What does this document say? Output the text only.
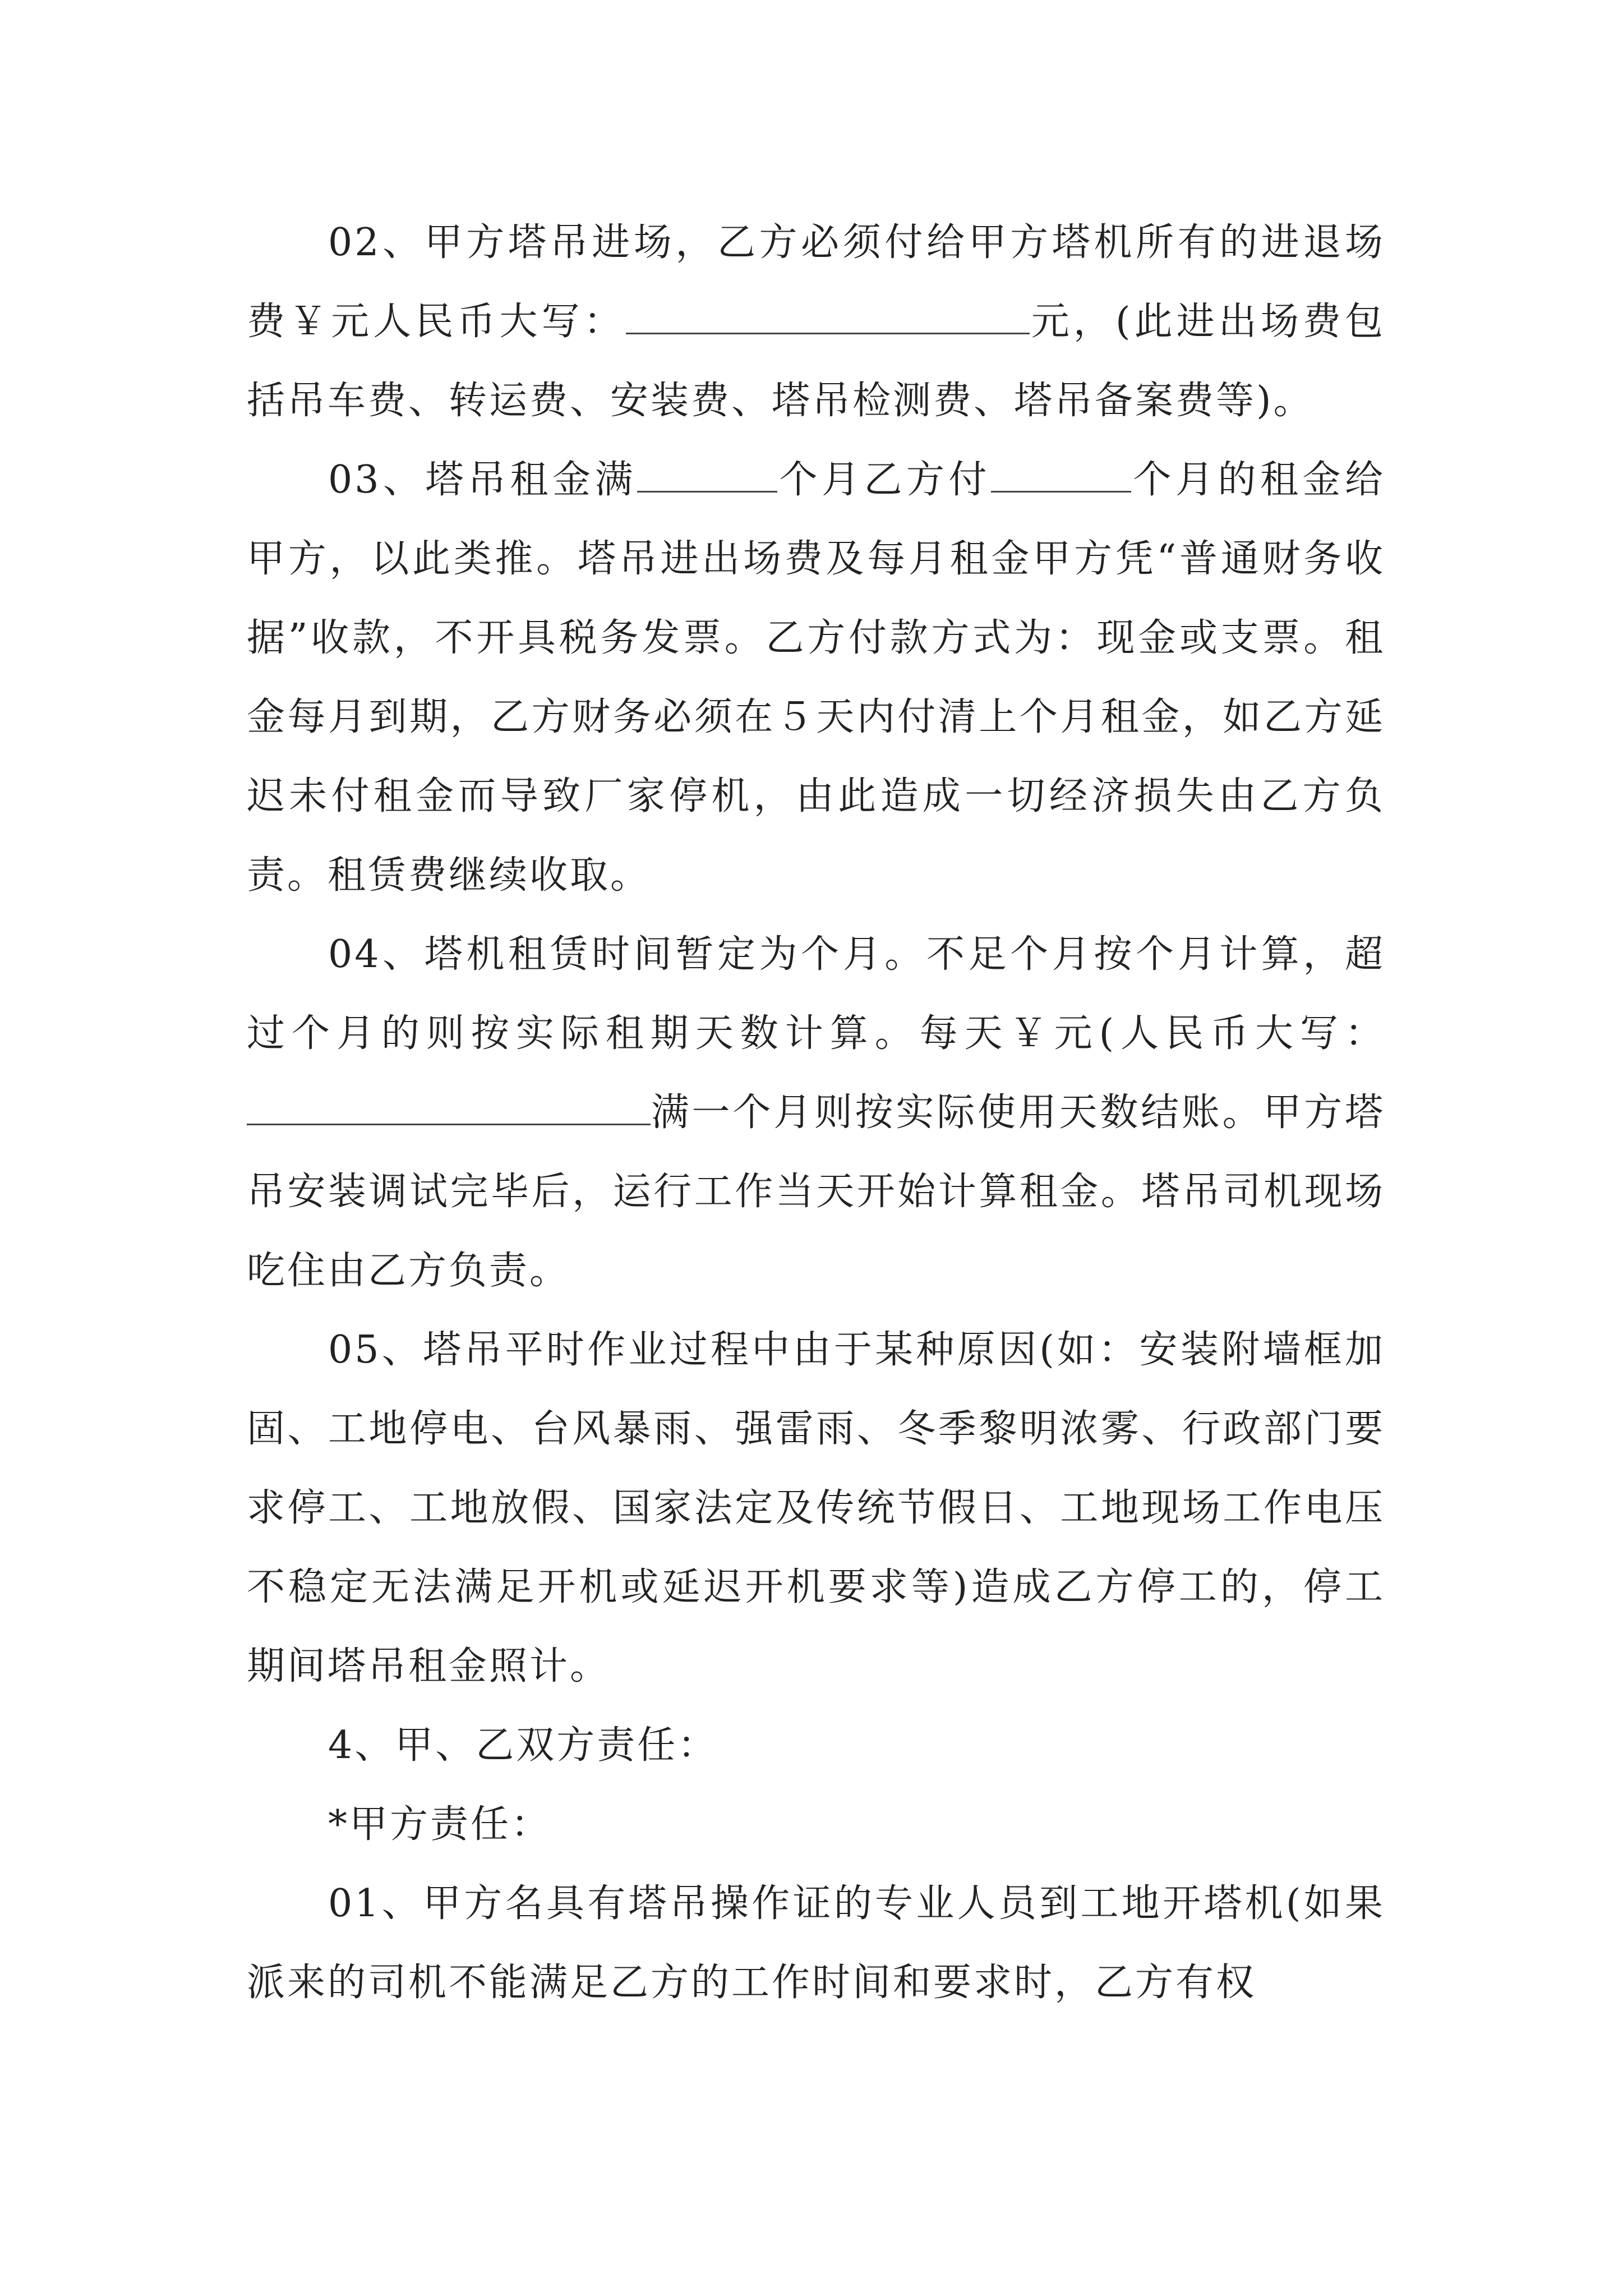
02、甲方塔吊进场，乙方必须付给甲方塔机所有的进退场费￥元人民币大写：	元，(此进出场费包括吊车费、转运费、安装费、塔吊检测费、塔吊备案费等)。

03、塔吊租金满	个月乙方付	个月的租金给甲方，以此类推。塔吊进出场费及每月租金甲方凭“普通财务收据”收款，不开具税务发票。乙方付款方式为：现金或支票。租金每月到期，乙方财务必须在５天内付清上个月租金，如乙方延迟未付租金而导致厂家停机，由此造成一切经济损失由乙方负责。租赁费继续收取。

04、塔机租赁时间暂定为个月。不足个月按个月计算，超过个月的则按实际租期天数计算。每天￥元(人民币大写：满一个月则按实际使用天数结账。甲方塔吊安装调试完毕后，运行工作当天开始计算租金。塔吊司机现场吃住由乙方负责。

05、塔吊平时作业过程中由于某种原因(如：安装附墙框加固、工地停电、台风暴雨、强雷雨、冬季黎明浓雾、行政部门要求停工、工地放假、国家法定及传统节假日、工地现场工作电压不稳定无法满足开机或延迟开机要求等)造成乙方停工的，停工期间塔吊租金照计。

4、甲、乙双方责任：

*甲方责任：

01、甲方名具有塔吊操作证的专业人员到工地开塔机(如果派来的司机不能满足乙方的工作时间和要求时，乙方有权
